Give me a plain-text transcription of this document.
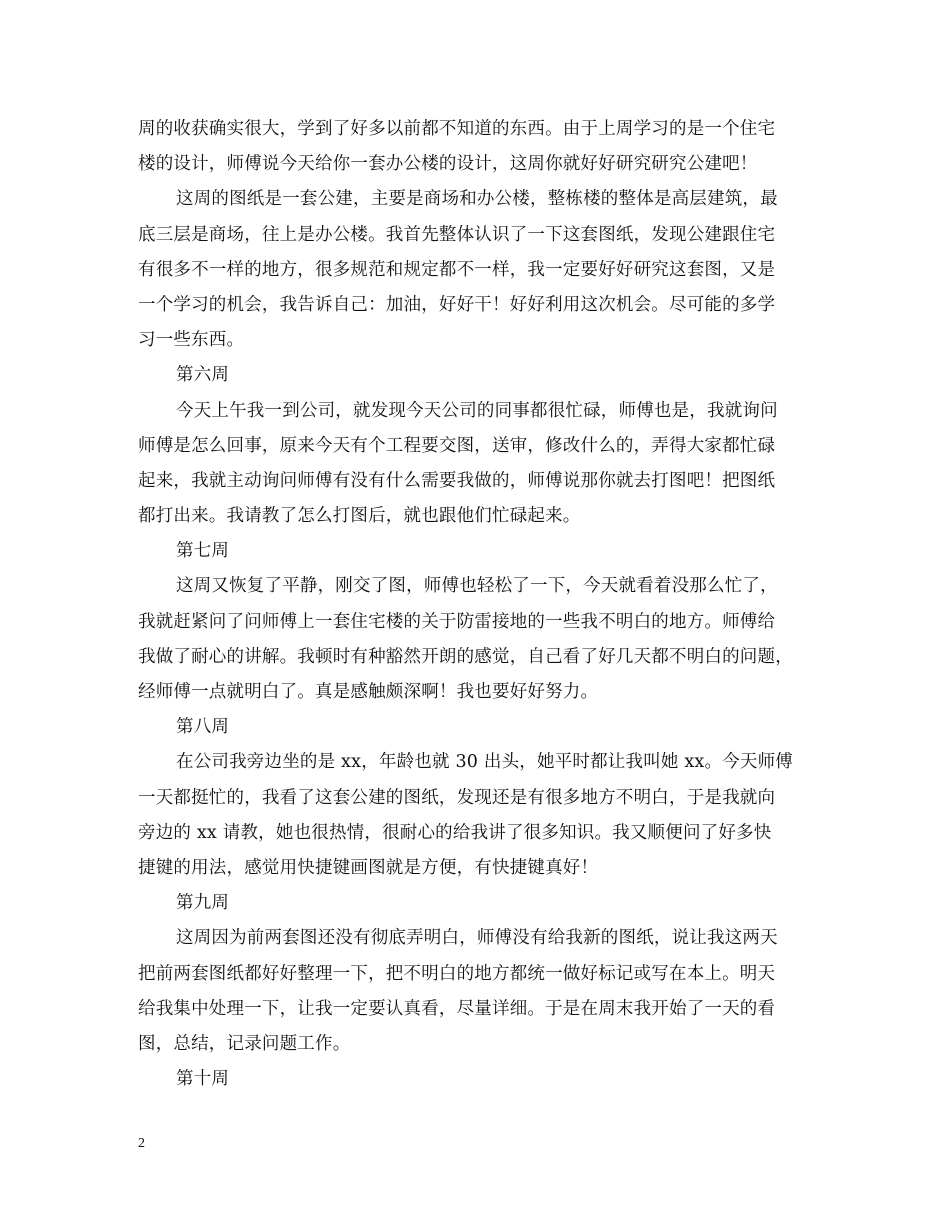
周的收获确实很大，学到了好多以前都不知道的东西。由于上周学习的是一个住宅
楼的设计，师傅说今天给你一套办公楼的设计，这周你就好好研究研究公建吧！
这周的图纸是一套公建，主要是商场和办公楼，整栋楼的整体是高层建筑，最
底三层是商场，往上是办公楼。我首先整体认识了一下这套图纸，发现公建跟住宅
有很多不一样的地方，很多规范和规定都不一样，我一定要好好研究这套图，又是
一个学习的机会，我告诉自己：加油，好好干！好好利用这次机会。尽可能的多学
习一些东西。
第六周
今天上午我一到公司，就发现今天公司的同事都很忙碌，师傅也是，我就询问
师傅是怎么回事，原来今天有个工程要交图，送审，修改什么的，弄得大家都忙碌
起来，我就主动询问师傅有没有什么需要我做的，师傅说那你就去打图吧！把图纸
都打出来。我请教了怎么打图后，就也跟他们忙碌起来。
第七周
这周又恢复了平静，刚交了图，师傅也轻松了一下，今天就看着没那么忙了，
我就赶紧问了问师傅上一套住宅楼的关于防雷接地的一些我不明白的地方。师傅给
我做了耐心的讲解。我顿时有种豁然开朗的感觉，自己看了好几天都不明白的问题，
经师傅一点就明白了。真是感触颇深啊！我也要好好努力。
第八周
在公司我旁边坐的是 xx，年龄也就 30 出头，她平时都让我叫她 xx。今天师傅
一天都挺忙的，我看了这套公建的图纸，发现还是有很多地方不明白，于是我就向
旁边的 xx 请教，她也很热情，很耐心的给我讲了很多知识。我又顺便问了好多快
捷键的用法，感觉用快捷键画图就是方便，有快捷键真好！
第九周
这周因为前两套图还没有彻底弄明白，师傅没有给我新的图纸，说让我这两天
把前两套图纸都好好整理一下，把不明白的地方都统一做好标记或写在本上。明天
给我集中处理一下，让我一定要认真看，尽量详细。于是在周末我开始了一天的看
图，总结，记录问题工作。
第十周
2
